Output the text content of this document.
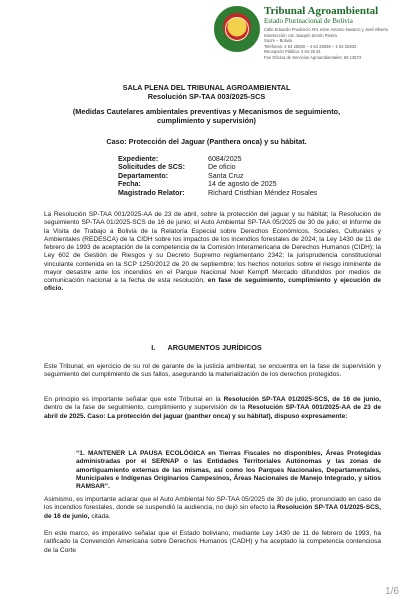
Tribunal Agroambiental
Estado Plurinacional de Bolivia
Calle Eduardo Prudencio Nº1 entre Antonio Navarro y José Alberto
Intersección con Joaquín Zenón Rivera
Sucre – Bolivia
Teléfonos: 4 64 25930 – 4 64 25935 – 1 64 25932
Recepción Pública: 4 64 25 51
Fax Oficina de Servicios Agroambientales: 69 13573
SALA PLENA DEL TRIBUNAL AGROAMBIENTAL
Resolución SP-TAA 003/2025-SCS
(Medidas Cautelares ambientales preventivas y Mecanismos de seguimiento, cumplimiento y supervisión)
Caso: Protección del Jaguar (Panthera onca) y su hábitat.
Expediente:	6084/2025
Solicitudes de SCS:	De oficio
Departamento:	Santa Cruz
Fecha:	14 de agosto de 2025
Magistrado Relator:	Richard Cristhian Méndez Rosales

La Resolución SP-TAA 001/2025-AA de 23 de abril, sobre la protección del jaguar y su hábitat; la Resolución de seguimiento SP-TAA 01/2025-SCS de 16 de junio; el Auto Ambiental SP-TAA 05/2025 de 30 de julio; el Informe de la Visita de Trabajo a Bolivia de la Relatoría Especial sobre Derechos Económicos, Sociales, Culturales y Ambientales (REDESCA) de la CIDH sobre los impactos de los incendios forestales de 2024; la Ley 1430 de 11 de febrero de 1993 de aceptación de la competencia de la Comisión Interamericana de Derechos Humanos (CIDH); la Ley 602 de Gestión de Riesgos y su Decreto Supremo reglamentario 2342; la jurisprudencia constitucional vinculante contenida en la SCP 1250/2012 de 20 de septiembre; los hechos notorios sobre el riesgo inminente de mayor desastre ante los incendios en el Parque Nacional Noel Kempff Mercado difundidos por medios de comunicación nacional a la fecha de esta resolución, en fase de seguimiento, cumplimiento y ejecución de oficio.

I. ARGUMENTOS JURÍDICOS

Este Tribunal, en ejercicio de su rol de garante de la justicia ambiental, se encuentra en la fase de supervisión y seguimiento del cumplimiento de sus fallos, asegurando la materialización de los derechos protegidos.

En principio es importante señalar que este Tribunal en la Resolución SP-TAA 01/2025-SCS, de 16 de junio, dentro de la fase de seguimiento, cumplimiento y supervisión de la Resolución SP-TAA 001/2025-AA de 23 de abril de 2025. Caso: La protección del jaguar (panther onca) y su hábitat), dispuso expresamente:

“1. MANTENER LA PAUSA ECOLÓGICA en Tierras Fiscales no disponibles, Áreas Protegidas administradas por el SERNAP o las Entidades Territoriales Autónomas y las zonas de amortiguamiento externas de las mismas, así como los Parques Nacionales, Departamentales, Municipales e Indígenas Originarios Campesinos, Áreas Nacionales de Manejo Integrado, y sitios RAMSAR”.

Asimismo, es importante aclarar que el Auto Ambiental No SP-TAA 05/2025 de 30 de julio, pronunciado en caso de los incendios forestales, donde se suspendió la audiencia, no dejó sin efecto la Resolución SP-TAA 01/2025-SCS, de 16 de junio, citada.

En este marco, es imperativo señalar que el Estado boliviano, mediante Ley 1430 de 11 de febrero de 1993, ha ratificado la Convención Americana sobre Derechos Humanos (CADH) y ha aceptado la competencia contenciosa de la Corte

1/6
